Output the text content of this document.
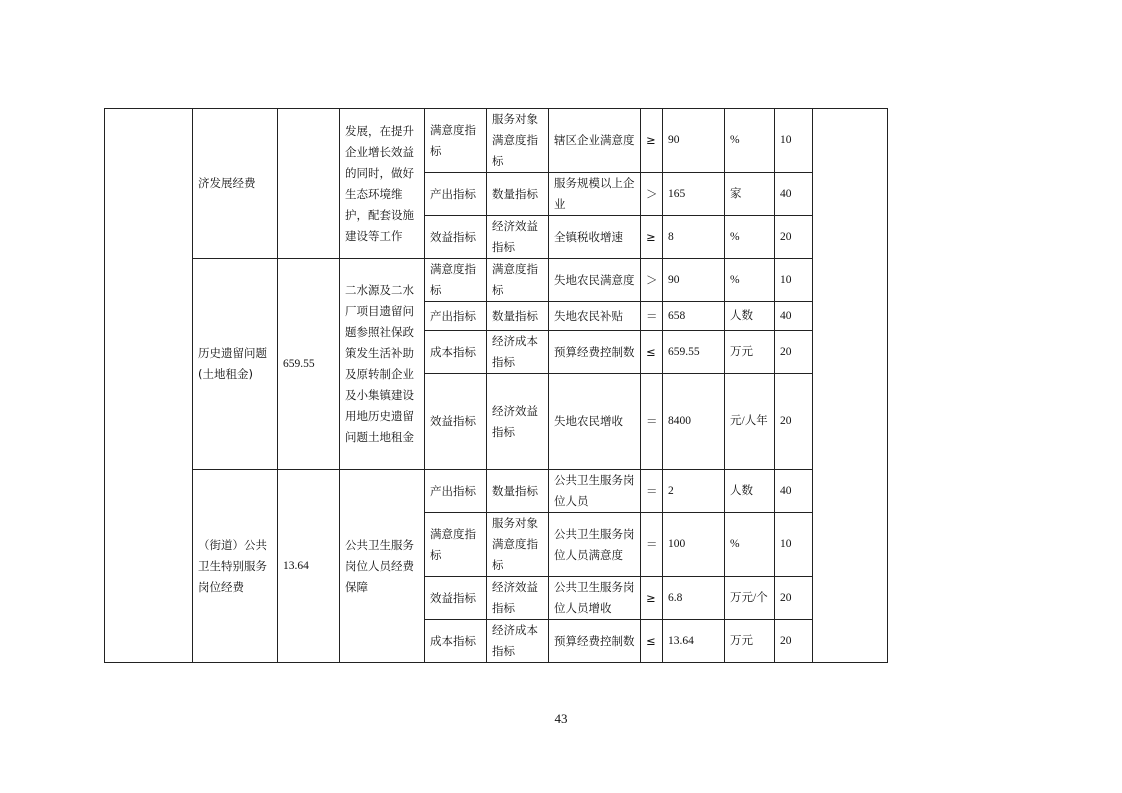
	济发展经费		发展，在提升企业增长效益的同时，做好生态环境维护，配套设施建设等工作	满意度指标	服务对象满意度指标	辖区企业满意度	≥	90	%	10	
				产出指标	数量指标	服务规模以上企业	＞	165	家	40	
				效益指标	经济效益指标	全镇税收增速	≥	8	%	20	
	历史遗留问题(土地租金)	659.55	二水源及二水厂项目遗留问题参照社保政策发生活补助及原转制企业及小集镇建设用地历史遗留问题土地租金	满意度指标	满意度指标	失地农民满意度	＞	90	%	10	
				产出指标	数量指标	失地农民补贴	＝	658	人数	40	
				成本指标	经济成本指标	预算经费控制数	≤	659.55	万元	20	
				效益指标	经济效益指标	失地农民增收	＝	8400	元/人年	20	
	（街道）公共卫生特别服务岗位经费	13.64	公共卫生服务岗位人员经费保障	产出指标	数量指标	公共卫生服务岗位人员	＝	2	人数	40	
				满意度指标	服务对象满意度指标	公共卫生服务岗位人员满意度	＝	100	%	10	
				效益指标	经济效益指标	公共卫生服务岗位人员增收	≥	6.8	万元/个	20	
				成本指标	经济成本指标	预算经费控制数	≤	13.64	万元	20	
43
